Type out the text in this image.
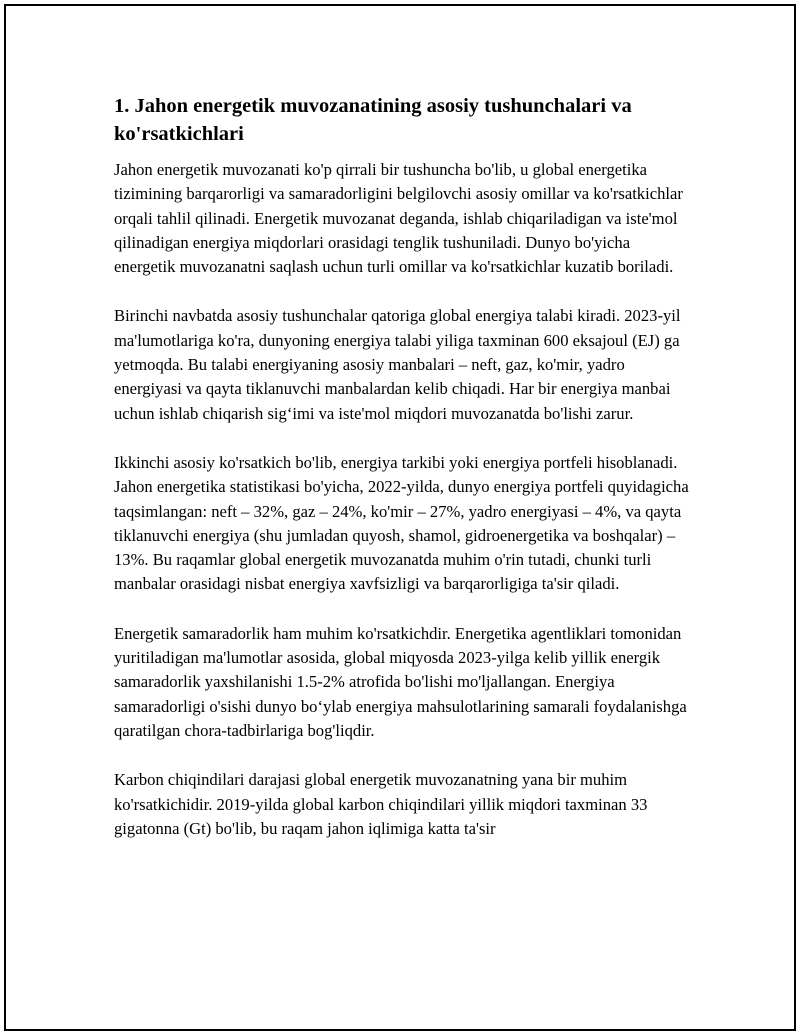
1. Jahon energetik muvozanatining asosiy tushunchalari va ko'rsatkichlari

Jahon energetik muvozanati ko'p qirrali bir tushuncha bo'lib, u global energetika tizimining barqarorligi va samaradorligini belgilovchi asosiy omillar va ko'rsatkichlar orqali tahlil qilinadi. Energetik muvozanat deganda, ishlab chiqariladigan va iste'mol qilinadigan energiya miqdorlari orasidagi tenglik tushuniladi. Dunyo bo'yicha energetik muvozanatni saqlash uchun turli omillar va ko'rsatkichlar kuzatib boriladi.

Birinchi navbatda asosiy tushunchalar qatoriga global energiya talabi kiradi. 2023-yil ma'lumotlariga ko'ra, dunyoning energiya talabi yiliga taxminan 600 eksajoul (EJ) ga yetmoqda. Bu talabi energiyaning asosiy manbalari – neft, gaz, ko'mir, yadro energiyasi va qayta tiklanuvchi manbalardan kelib chiqadi. Har bir energiya manbai uchun ishlab chiqarish sig‘imi va iste'mol miqdori muvozanatda bo'lishi zarur.

Ikkinchi asosiy ko'rsatkich bo'lib, energiya tarkibi yoki energiya portfeli hisoblanadi. Jahon energetika statistikasi bo'yicha, 2022-yilda, dunyo energiya portfeli quyidagicha taqsimlangan: neft – 32%, gaz – 24%, ko'mir – 27%, yadro energiyasi – 4%, va qayta tiklanuvchi energiya (shu jumladan quyosh, shamol, gidroenergetika va boshqalar) – 13%. Bu raqamlar global energetik muvozanatda muhim o'rin tutadi, chunki turli manbalar orasidagi nisbat energiya xavfsizligi va barqarorligiga ta'sir qiladi.

Energetik samaradorlik ham muhim ko'rsatkichdir. Energetika agentliklari tomonidan yuritiladigan ma'lumotlar asosida, global miqyosda 2023-yilga kelib yillik energik samaradorlik yaxshilanishi 1.5-2% atrofida bo'lishi mo'ljallangan. Energiya samaradorligi o'sishi dunyo bo‘ylab energiya mahsulotlarining samarali foydalanishga qaratilgan chora-tadbirlariga bog'liqdir.

Karbon chiqindilari darajasi global energetik muvozanatning yana bir muhim ko'rsatkichidir. 2019-yilda global karbon chiqindilari yillik miqdori taxminan 33 gigatonna (Gt) bo'lib, bu raqam jahon iqlimiga katta ta'sir
